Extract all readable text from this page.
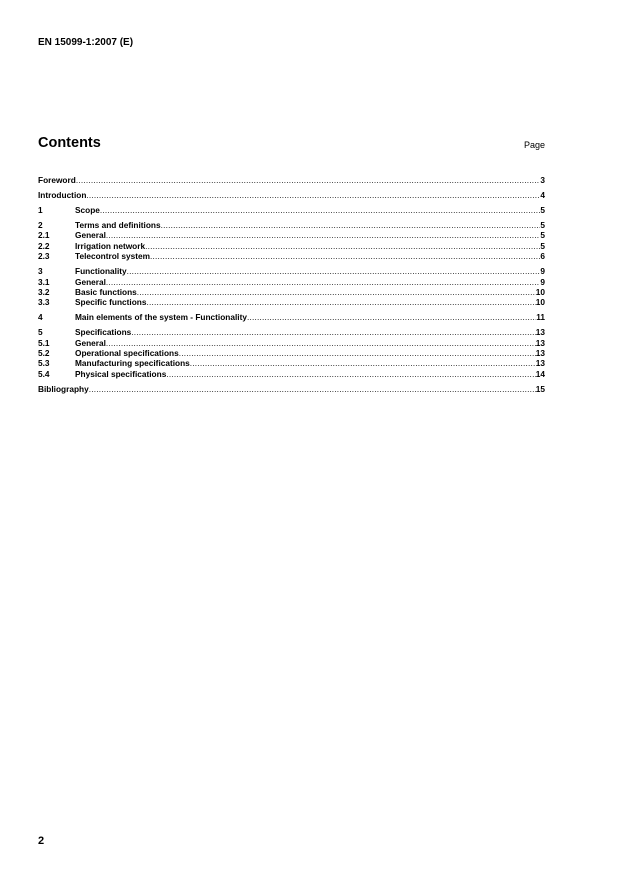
EN 15099-1:2007 (E)
Contents	Page
Foreword .....	3
Introduction .....	4
1	Scope .....	5
2	Terms and definitions .....	5
2.1	General .....	5
2.2	Irrigation network .....	5
2.3	Telecontrol system .....	6
3	Functionality .....	9
3.1	General .....	9
3.2	Basic functions .....	10
3.3	Specific functions .....	10
4	Main elements of the system - Functionality .....	11
5	Specifications .....	13
5.1	General .....	13
5.2	Operational specifications .....	13
5.3	Manufacturing specifications .....	13
5.4	Physical specifications .....	14
Bibliography .....	15
2
